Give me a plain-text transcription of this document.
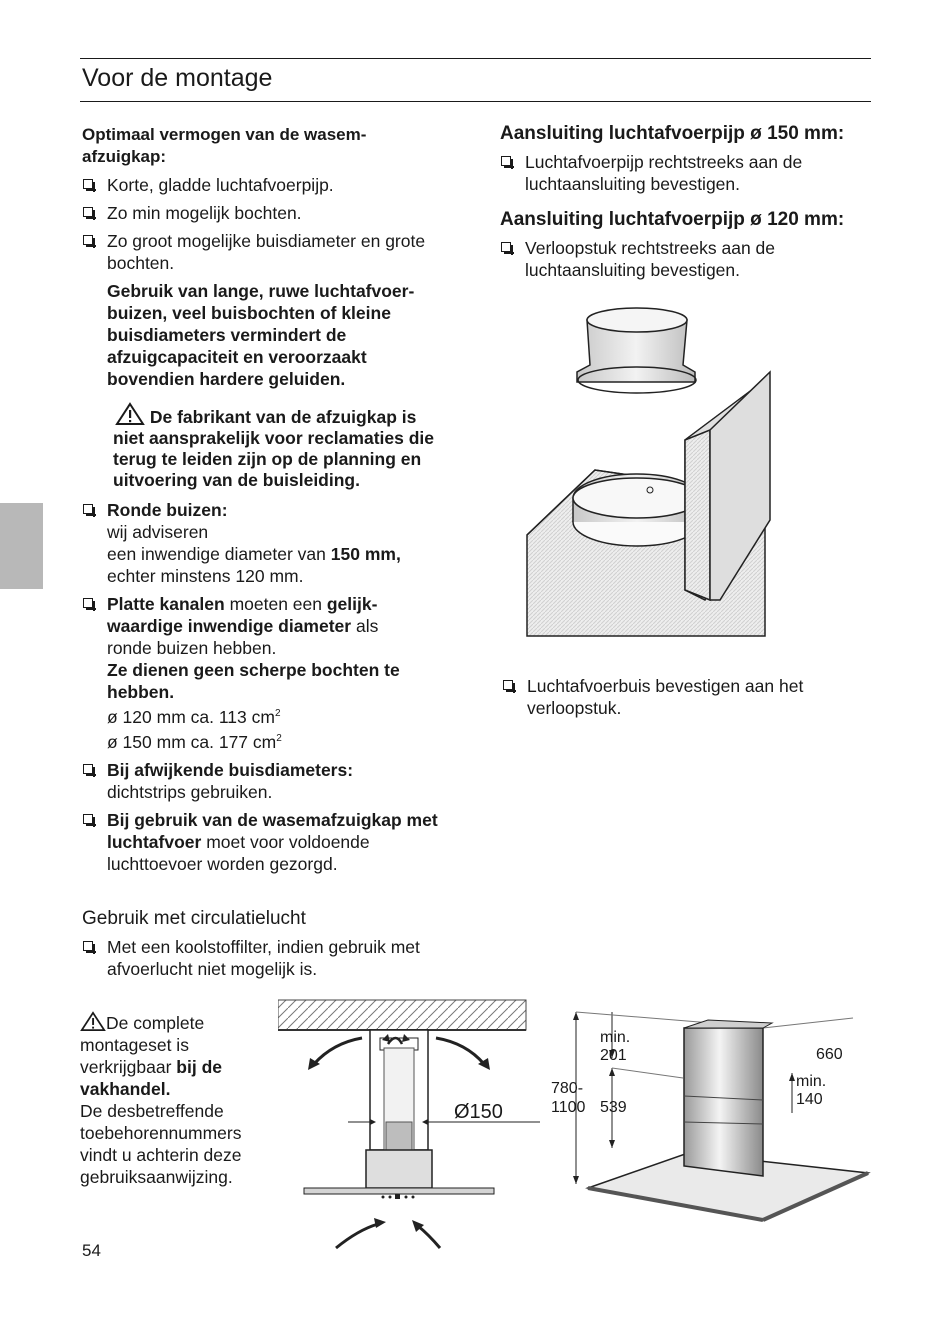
Voor de montage
Optimaal vermogen van de wasem-
afzuigkap:
Korte, gladde luchtafvoerpijp.
Zo min mogelijk bochten.
Zo groot mogelijke buisdiameter en grote bochten.
Gebruik van lange, ruwe luchtafvoer-buizen, veel buisbochten of kleine buisdiameters vermindert de afzuigcapaciteit en veroorzaakt bovendien hardere geluiden.
De fabrikant van de afzuigkap is niet aansprakelijk voor reclamaties die terug te leiden zijn op de planning en uitvoering van de buisleiding.
Ronde buizen:
wij adviseren
een inwendige diameter van 150 mm,
echter minstens 120 mm.
Platte kanalen moeten een gelijk-waardige inwendige diameter als ronde buizen hebben.
Ze dienen geen scherpe bochten te hebben.
ø 120 mm ca. 113 $cm^2$
ø 150 mm ca. 177 $cm^2$
Bij afwijkende buisdiameters:
dichtstrips gebruiken.
Bij gebruik van de wasemafzuigkap met luchtafvoer moet voor voldoende luchttoevoer worden gezorgd.
Gebruik met circulatielucht
Met een koolstoffilter, indien gebruik met afvoerlucht niet mogelijk is.
De complete montageset is verkrijgbaar bij de vakhandel.
De desbetreffende toebehorennummers vindt u achterin deze gebruiksaanwijzing.
Aansluiting luchtafvoerpijp ø 150 mm:
Luchtafvoerpijp rechtstreeks aan de luchtaansluiting bevestigen.
Aansluiting luchtafvoerpijp ø 120 mm:
Verloopstuk rechtstreeks aan de luchtaansluiting bevestigen.
Luchtafvoerbuis bevestigen aan het verloopstuk.
Ø150
min.
201	660
780-
1100 539
min.
140
54
